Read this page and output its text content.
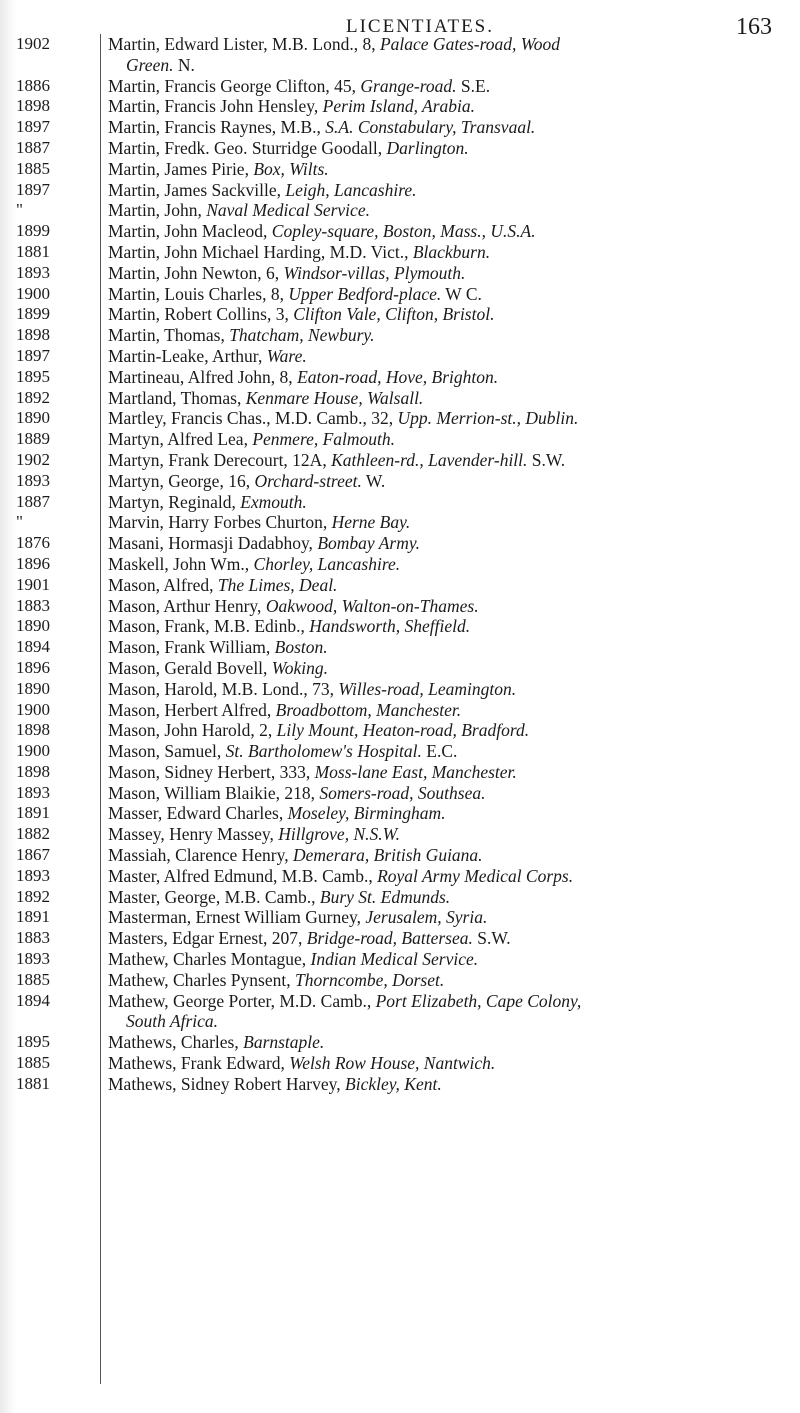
LICENTIATES.	163
1902
1886
1898
1897
1887
1885
1897
"
1899
1881
1893
1900
1899
1898
1897
1895
1892
1890
1889
1902
1893
1887
"
1876
1896
1901
1883
1890
1894
1896
1890
1900
1898
1900
1898
1893
1891
1882
1867
1893
1892
1891
1883
1893
1885
1894
1895
1885
1881
Martin, Edward Lister, M.B. Lond., 8, Palace Gates-road, Wood
Green. N.
Martin, Francis George Clifton, 45, Grange-road. S.E.
Martin, Francis John Hensley, Perim Island, Arabia.
Martin, Francis Raynes, M.B., S.A. Constabulary, Transvaal.
Martin, Fredk. Geo. Sturridge Goodall, Darlington.
Martin, James Pirie, Box, Wilts.
Martin, James Sackville, Leigh, Lancashire.
Martin, John, Naval Medical Service.
Martin, John Macleod, Copley-square, Boston, Mass., U.S.A.
Martin, John Michael Harding, M.D. Vict., Blackburn.
Martin, John Newton, 6, Windsor-villas, Plymouth.
Martin, Louis Charles, 8, Upper Bedford-place. W C.
Martin, Robert Collins, 3, Clifton Vale, Clifton, Bristol.
Martin, Thomas, Thatcham, Newbury.
Martin-Leake, Arthur, Ware.
Martineau, Alfred John, 8, Eaton-road, Hove, Brighton.
Martland, Thomas, Kenmare House, Walsall.
Martley, Francis Chas., M.D. Camb., 32, Upp. Merrion-st., Dublin.
Martyn, Alfred Lea, Penmere, Falmouth.
Martyn, Frank Derecourt, 12A, Kathleen-rd., Lavender-hill. S.W.
Martyn, George, 16, Orchard-street. W.
Martyn, Reginald, Exmouth.
Marvin, Harry Forbes Churton, Herne Bay.
Masani, Hormasji Dadabhoy, Bombay Army.
Maskell, John Wm., Chorley, Lancashire.
Mason, Alfred, The Limes, Deal.
Mason, Arthur Henry, Oakwood, Walton-on-Thames.
Mason, Frank, M.B. Edinb., Handsworth, Sheffield.
Mason, Frank William, Boston.
Mason, Gerald Bovell, Woking.
Mason, Harold, M.B. Lond., 73, Willes-road, Leamington.
Mason, Herbert Alfred, Broadbottom, Manchester.
Mason, John Harold, 2, Lily Mount, Heaton-road, Bradford.
Mason, Samuel, St. Bartholomew's Hospital. E.C.
Mason, Sidney Herbert, 333, Moss-lane East, Manchester.
Mason, William Blaikie, 218, Somers-road, Southsea.
Masser, Edward Charles, Moseley, Birmingham.
Massey, Henry Massey, Hillgrove, N.S.W.
Massiah, Clarence Henry, Demerara, British Guiana.
Master, Alfred Edmund, M.B. Camb., Royal Army Medical Corps.
Master, George, M.B. Camb., Bury St. Edmunds.
Masterman, Ernest William Gurney, Jerusalem, Syria.
Masters, Edgar Ernest, 207, Bridge-road, Battersea. S.W.
Mathew, Charles Montague, Indian Medical Service.
Mathew, Charles Pynsent, Thorncombe, Dorset.
Mathew, George Porter, M.D. Camb., Port Elizabeth, Cape Colony,
South Africa.
Mathews, Charles, Barnstaple.
Mathews, Frank Edward, Welsh Row House, Nantwich.
Mathews, Sidney Robert Harvey, Bickley, Kent.
